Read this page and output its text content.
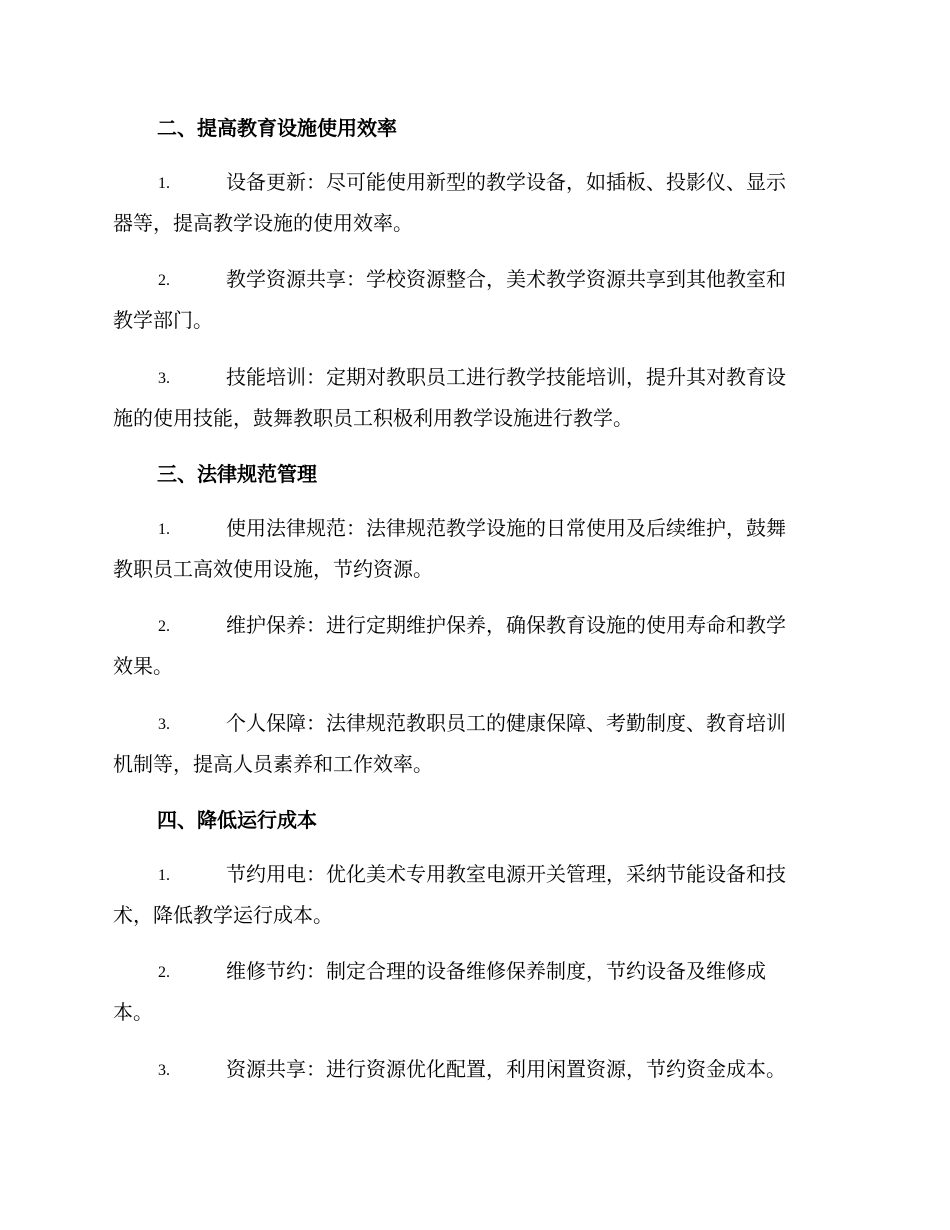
二、提高教育设施使用效率
1.	设备更新：尽可能使用新型的教学设备，如插板、投影仪、显示
器等，提高教学设施的使用效率。
2.	教学资源共享：学校资源整合，美术教学资源共享到其他教室和
教学部门。
3.	技能培训：定期对教职员工进行教学技能培训，提升其对教育设
施的使用技能，鼓舞教职员工积极利用教学设施进行教学。
三、法律规范管理
1.	使用法律规范：法律规范教学设施的日常使用及后续维护，鼓舞
教职员工高效使用设施，节约资源。
2.	维护保养：进行定期维护保养，确保教育设施的使用寿命和教学
效果。
3.	个人保障：法律规范教职员工的健康保障、考勤制度、教育培训
机制等，提高人员素养和工作效率。
四、降低运行成本
1.	节约用电：优化美术专用教室电源开关管理，采纳节能设备和技
术，降低教学运行成本。
2.	维修节约：制定合理的设备维修保养制度，节约设备及维修成
本。
3.	资源共享：进行资源优化配置，利用闲置资源，节约资金成本。
